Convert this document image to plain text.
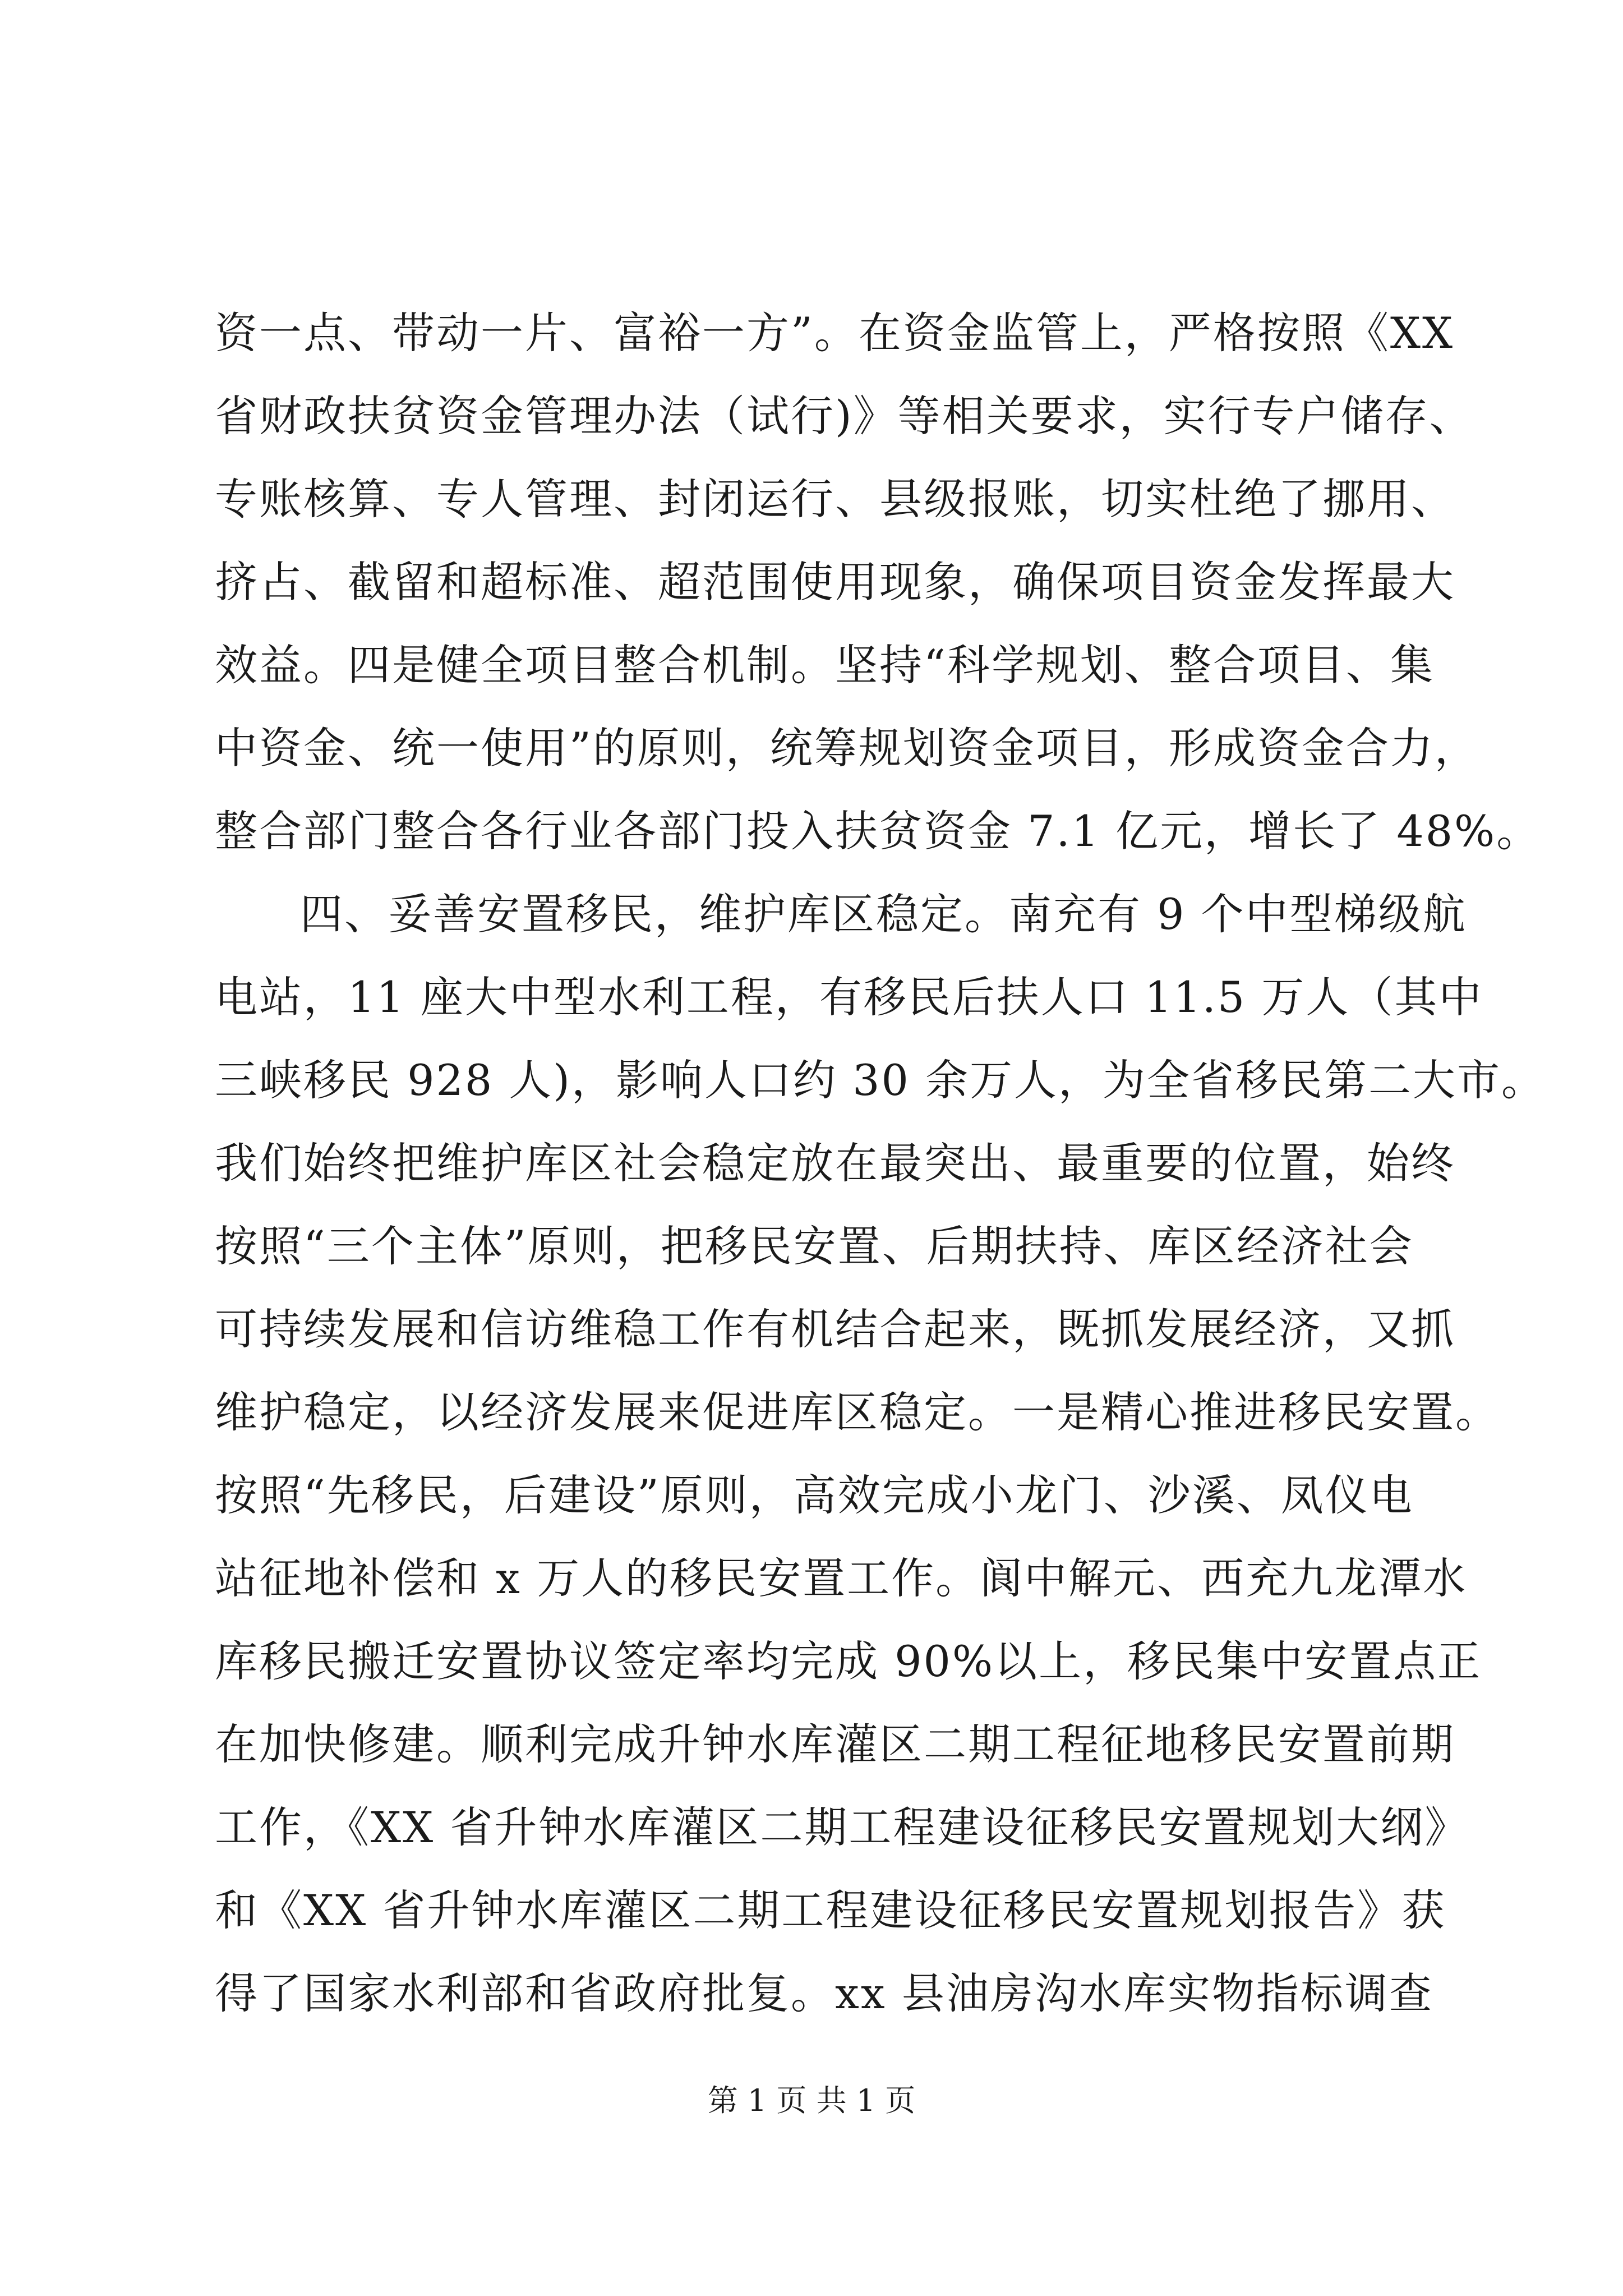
资一点、带动一片、富裕一方”。在资金监管上，严格按照《XX
省财政扶贫资金管理办法（试行)》等相关要求，实行专户储存、
专账核算、专人管理、封闭运行、县级报账，切实杜绝了挪用、
挤占、截留和超标准、超范围使用现象，确保项目资金发挥最大
效益。四是健全项目整合机制。坚持“科学规划、整合项目、集
中资金、统一使用”的原则，统筹规划资金项目，形成资金合力，
整合部门整合各行业各部门投入扶贫资金 7.1 亿元，增长了 48%。
四、妥善安置移民，维护库区稳定。南充有 9 个中型梯级航
电站，11 座大中型水利工程，有移民后扶人口 11.5 万人（其中
三峡移民 928 人)，影响人口约 30 余万人，为全省移民第二大市。
我们始终把维护库区社会稳定放在最突出、最重要的位置，始终
按照“三个主体”原则，把移民安置、后期扶持、库区经济社会
可持续发展和信访维稳工作有机结合起来，既抓发展经济，又抓
维护稳定，以经济发展来促进库区稳定。一是精心推进移民安置。
按照“先移民，后建设”原则，高效完成小龙门、沙溪、凤仪电
站征地补偿和 x 万人的移民安置工作。阆中解元、西充九龙潭水
库移民搬迁安置协议签定率均完成 90%以上，移民集中安置点正
在加快修建。顺利完成升钟水库灌区二期工程征地移民安置前期
工作，《XX 省升钟水库灌区二期工程建设征移民安置规划大纲》
和《XX 省升钟水库灌区二期工程建设征移民安置规划报告》获
得了国家水利部和省政府批复。xx 县油房沟水库实物指标调查
第 1 页 共 1 页
